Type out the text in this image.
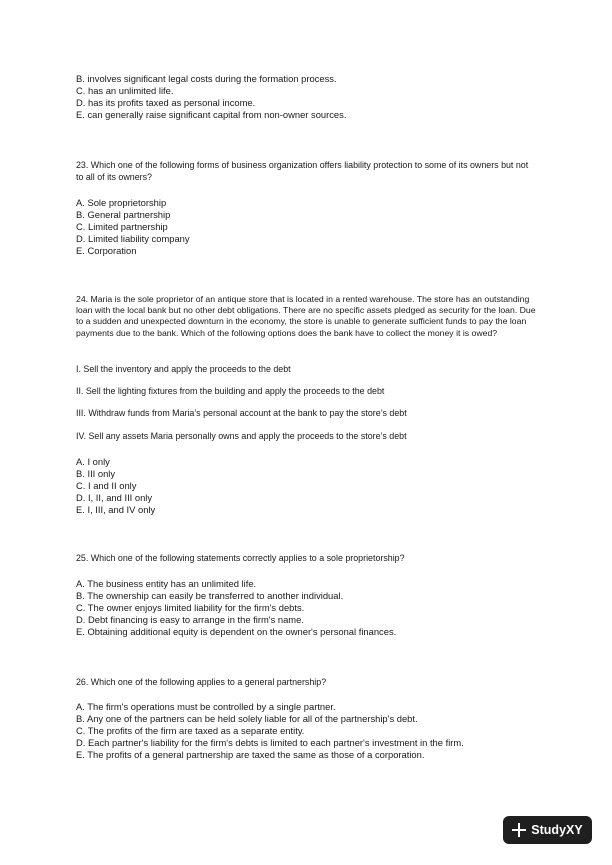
B. involves significant legal costs during the formation process.
C. has an unlimited life.
D. has its profits taxed as personal income.
E. can generally raise significant capital from non-owner sources.
23. Which one of the following forms of business organization offers liability protection to some of its owners but not to all of its owners?
A. Sole proprietorship
B. General partnership
C. Limited partnership
D. Limited liability company
E. Corporation
24. Maria is the sole proprietor of an antique store that is located in a rented warehouse. The store has an outstanding loan with the local bank but no other debt obligations. There are no specific assets pledged as security for the loan. Due to a sudden and unexpected downturn in the economy, the store is unable to generate sufficient funds to pay the loan payments due to the bank. Which of the following options does the bank have to collect the money it is owed?
I. Sell the inventory and apply the proceeds to the debt
II. Sell the lighting fixtures from the building and apply the proceeds to the debt
III. Withdraw funds from Maria’s personal account at the bank to pay the store’s debt
IV. Sell any assets Maria personally owns and apply the proceeds to the store’s debt
A. I only
B. III only
C. I and II only
D. I, II, and III only
E. I, III, and IV only
25. Which one of the following statements correctly applies to a sole proprietorship?
A. The business entity has an unlimited life.
B. The ownership can easily be transferred to another individual.
C. The owner enjoys limited liability for the firm's debts.
D. Debt financing is easy to arrange in the firm's name.
E. Obtaining additional equity is dependent on the owner's personal finances.
26. Which one of the following applies to a general partnership?
A. The firm's operations must be controlled by a single partner.
B. Any one of the partners can be held solely liable for all of the partnership's debt.
C. The profits of the firm are taxed as a separate entity.
D. Each partner's liability for the firm's debts is limited to each partner's investment in the firm.
E. The profits of a general partnership are taxed the same as those of a corporation.
StudyXY
